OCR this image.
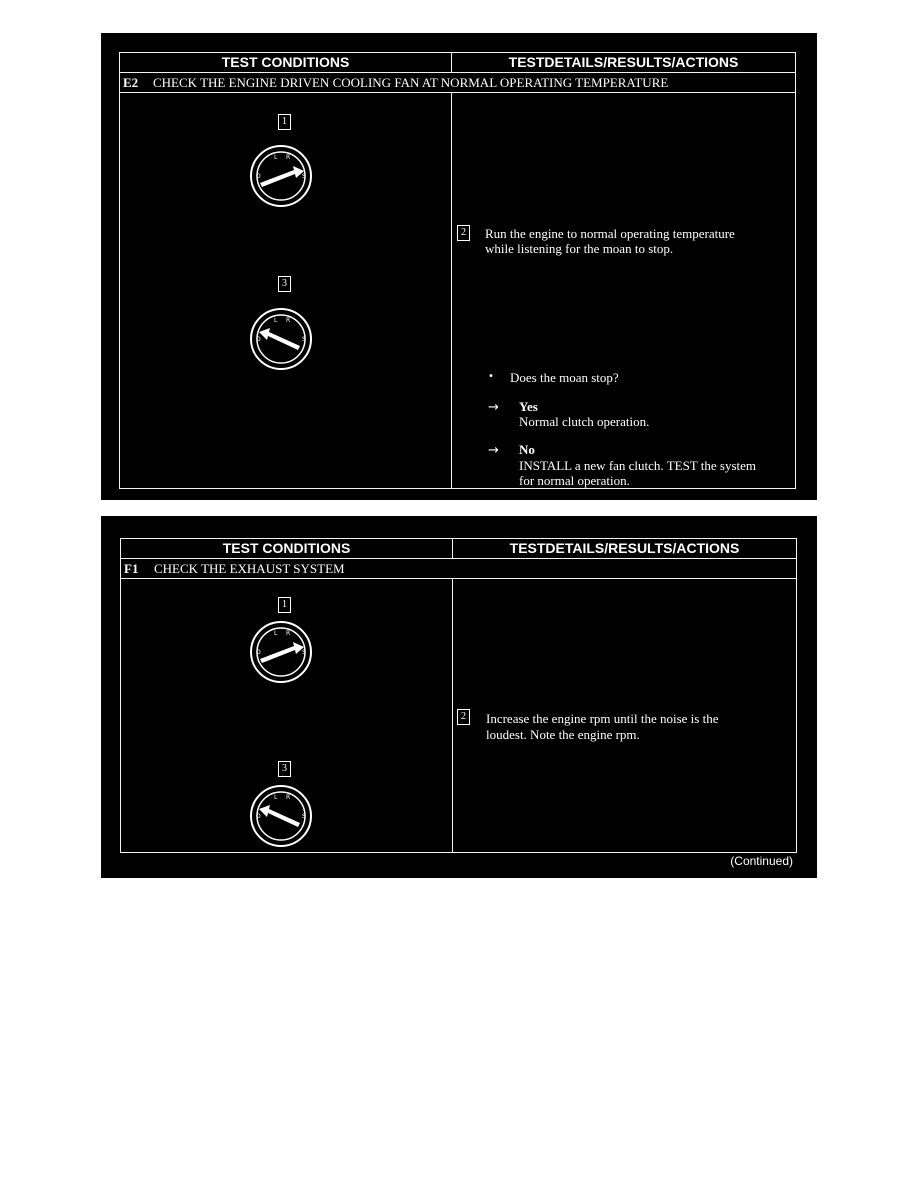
TEST CONDITIONS	TESTDETAILS/RESULTS/ACTIONS
E2 CHECK THE ENGINE DRIVEN COOLING FAN AT NORMAL OPERATING TEMPERATURE
1
O
L R
S
3
O
L R
S
2	Run the engine to normal operating temperature
while listening for the moan to stop.
• Does the moan stop?
→ Yes
Normal clutch operation.
→ No
INSTALL a new fan clutch. TEST the system
for normal operation.
TEST CONDITIONS	TESTDETAILS/RESULTS/ACTIONS
F1 CHECK THE EXHAUST SYSTEM
1
O
L R
S
3
O
L R
S
2	Increase the engine rpm until the noise is the
loudest. Note the engine rpm.
(Continued)
